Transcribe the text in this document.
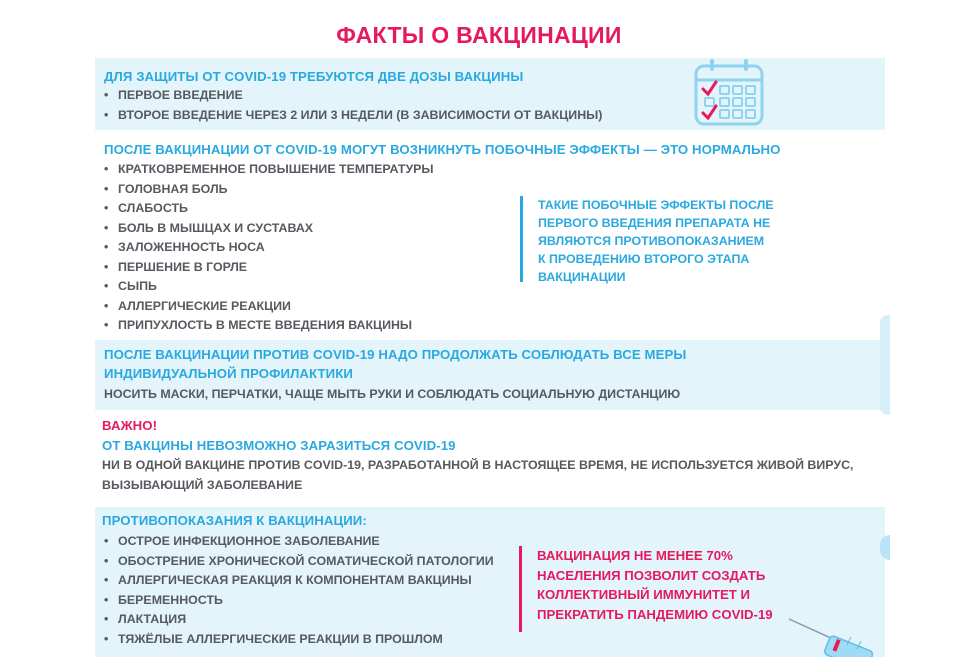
ФАКТЫ О ВАКЦИНАЦИИ
ДЛЯ ЗАЩИТЫ ОТ COVID-19 ТРЕБУЮТСЯ ДВЕ ДОЗЫ ВАКЦИНЫ
• ПЕРВОЕ ВВЕДЕНИЕ
• ВТОРОЕ ВВЕДЕНИЕ ЧЕРЕЗ 2 ИЛИ 3 НЕДЕЛИ (В ЗАВИСИМОСТИ ОТ ВАКЦИНЫ)
ПОСЛЕ ВАКЦИНАЦИИ ОТ COVID-19 МОГУТ ВОЗНИКНУТЬ ПОБОЧНЫЕ ЭФФЕКТЫ — ЭТО НОРМАЛЬНО
• КРАТКОВРЕМЕННОЕ ПОВЫШЕНИЕ ТЕМПЕРАТУРЫ
• ГОЛОВНАЯ БОЛЬ
• СЛАБОСТЬ
• БОЛЬ В МЫШЦАХ И СУСТАВАХ
• ЗАЛОЖЕННОСТЬ НОСА
• ПЕРШЕНИЕ В ГОРЛЕ
• СЫПЬ
• АЛЛЕРГИЧЕСКИЕ РЕАКЦИИ
• ПРИПУХЛОСТЬ В МЕСТЕ ВВЕДЕНИЯ ВАКЦИНЫ
ТАКИЕ ПОБОЧНЫЕ ЭФФЕКТЫ ПОСЛЕ
ПЕРВОГО ВВЕДЕНИЯ ПРЕПАРАТА НЕ
ЯВЛЯЮТСЯ ПРОТИВОПОКАЗАНИЕМ
К ПРОВЕДЕНИЮ ВТОРОГО ЭТАПА
ВАКЦИНАЦИИ
ПОСЛЕ ВАКЦИНАЦИИ ПРОТИВ COVID-19 НАДО ПРОДОЛЖАТЬ СОБЛЮДАТЬ ВСЕ МЕРЫ
ИНДИВИДУАЛЬНОЙ ПРОФИЛАКТИКИ
НОСИТЬ МАСКИ, ПЕРЧАТКИ, ЧАЩЕ МЫТЬ РУКИ И СОБЛЮДАТЬ СОЦИАЛЬНУЮ ДИСТАНЦИЮ
ВАЖНО!
ОТ ВАКЦИНЫ НЕВОЗМОЖНО ЗАРАЗИТЬСЯ COVID-19
НИ В ОДНОЙ ВАКЦИНЕ ПРОТИВ COVID-19, РАЗРАБОТАННОЙ В НАСТОЯЩЕЕ ВРЕМЯ, НЕ ИСПОЛЬЗУЕТСЯ ЖИВОЙ ВИРУС,
ВЫЗЫВАЮЩИЙ ЗАБОЛЕВАНИЕ
ПРОТИВОПОКАЗАНИЯ К ВАКЦИНАЦИИ:
• ОСТРОЕ ИНФЕКЦИОННОЕ ЗАБОЛЕВАНИЕ
• ОБОСТРЕНИЕ ХРОНИЧЕСКОЙ СОМАТИЧЕСКОЙ ПАТОЛОГИИ
• АЛЛЕРГИЧЕСКАЯ РЕАКЦИЯ К КОМПОНЕНТАМ ВАКЦИНЫ
• БЕРЕМЕННОСТЬ
• ЛАКТАЦИЯ
• ТЯЖЁЛЫЕ АЛЛЕРГИЧЕСКИЕ РЕАКЦИИ В ПРОШЛОМ
ВАКЦИНАЦИЯ НЕ МЕНЕЕ 70%
НАСЕЛЕНИЯ ПОЗВОЛИТ СОЗДАТЬ
КОЛЛЕКТИВНЫЙ ИММУНИТЕТ И
ПРЕКРАТИТЬ ПАНДЕМИЮ COVID-19
